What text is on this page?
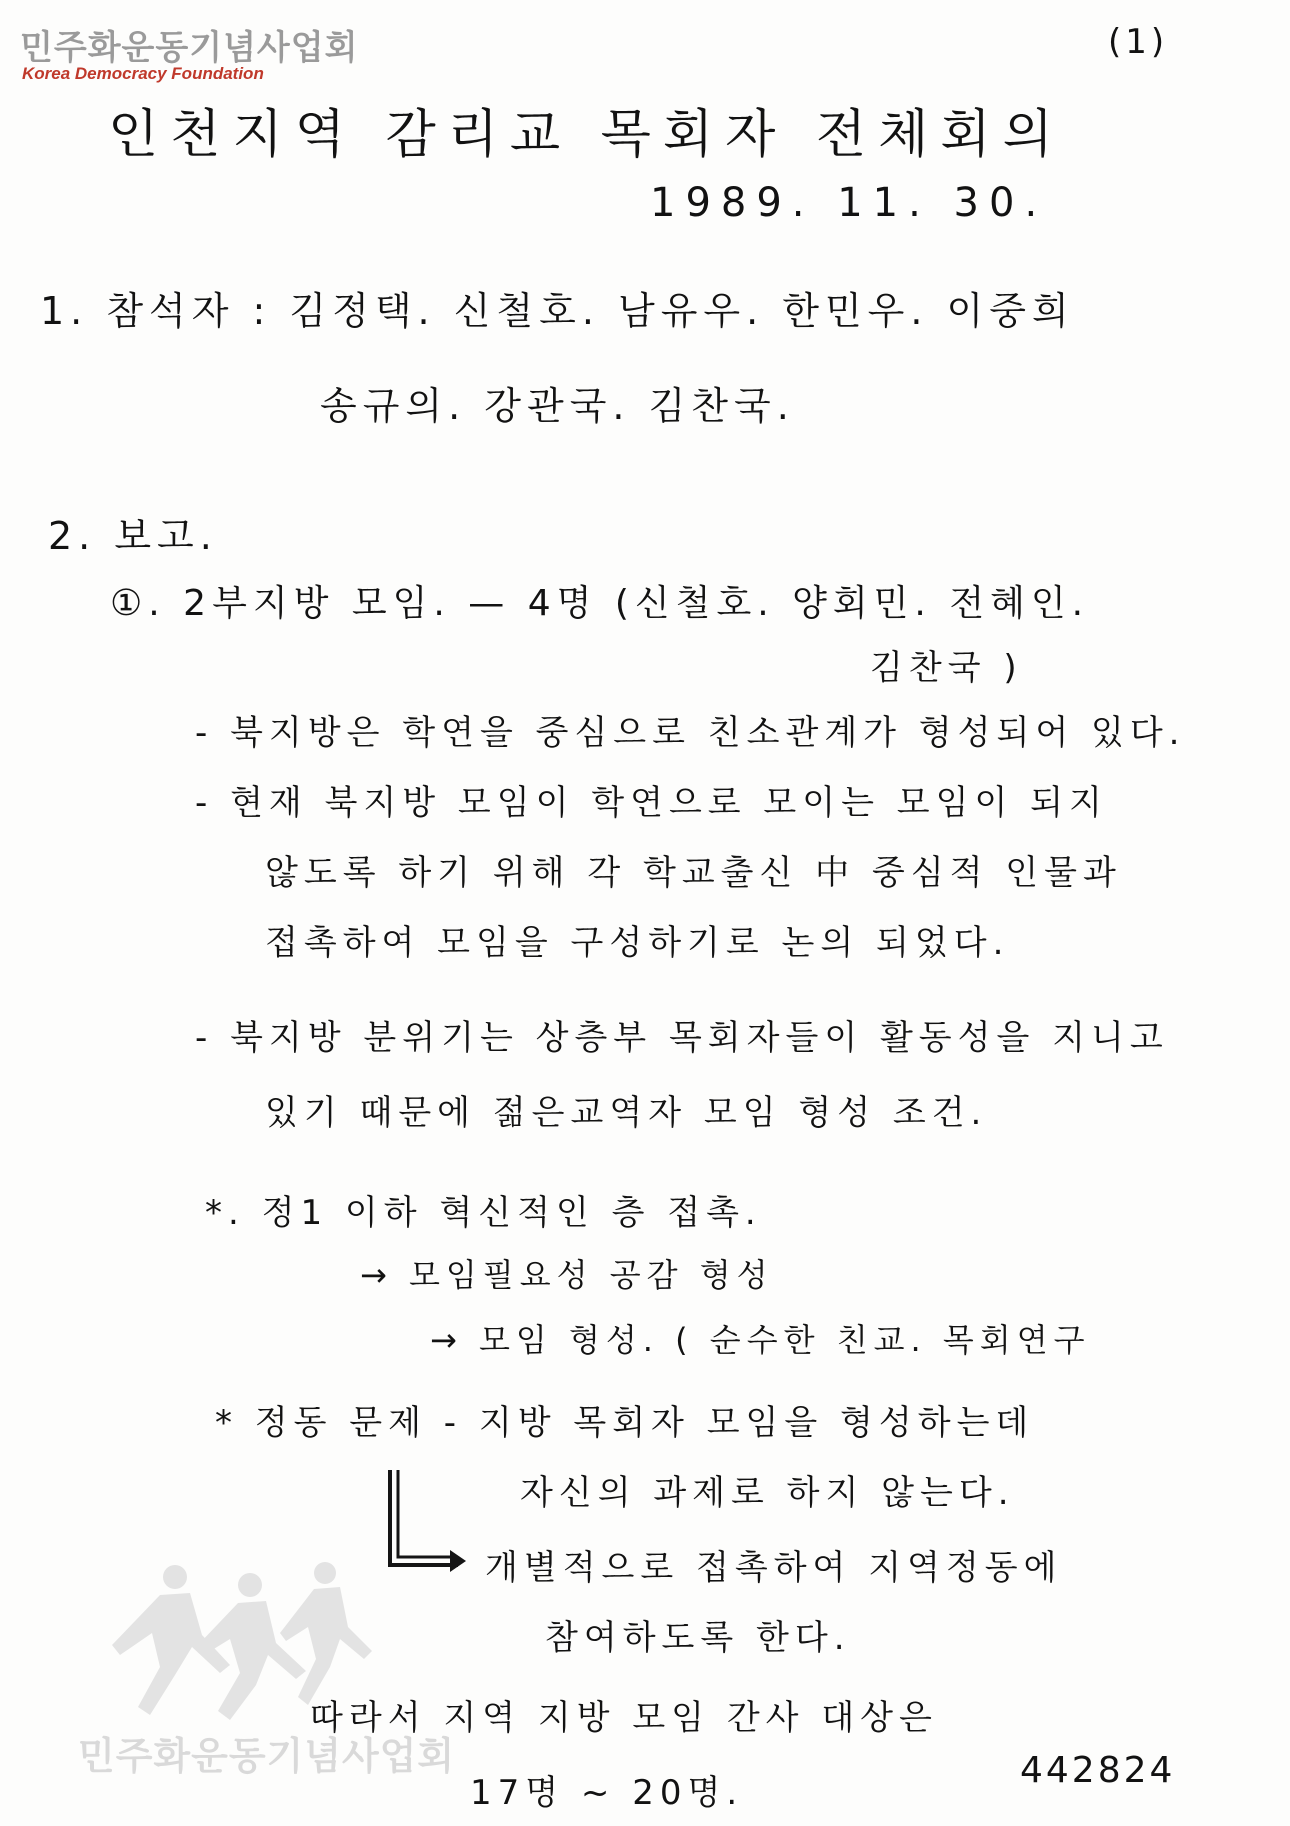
민주화운동기념사업회
Korea Democracy Foundation
(1)
인천지역 감리교 목회자 전체회의
1989. 11. 30.
1. 참석자 : 김정택. 신철호. 남유우. 한민우. 이중희
송규의. 강관국. 김찬국.
2. 보고.
①. 2부지방 모임. — 4명 (신철호. 양회민. 전혜인.
김찬국 )
- 북지방은 학연을 중심으로 친소관계가 형성되어 있다.
- 현재 북지방 모임이 학연으로 모이는 모임이 되지
않도록 하기 위해 각 학교출신 中 중심적 인물과
접촉하여 모임을 구성하기로 논의 되었다.
- 북지방 분위기는 상층부 목회자들이 활동성을 지니고
있기 때문에 젊은교역자 모임 형성 조건.
*. 정1 이하 혁신적인 층 접촉.
→ 모임필요성 공감 형성
→ 모임 형성. ( 순수한 친교. 목회연구
* 정동 문제 - 지방 목회자 모임을 형성하는데
자신의 과제로 하지 않는다.
개별적으로 접촉하여 지역정동에
참여하도록 한다.
따라서 지역 지방 모임 간사 대상은
17명 ~ 20명.
442824
민주화운동기념사업회
